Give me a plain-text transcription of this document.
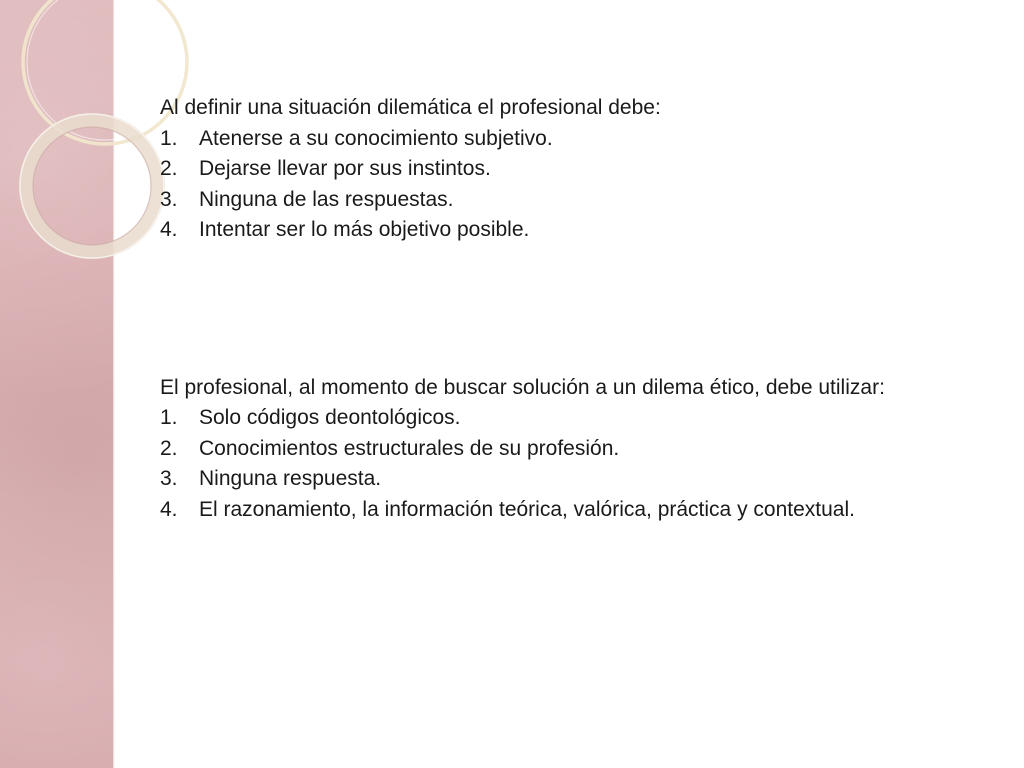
Al definir una situación dilemática el profesional debe:

1.	Atenerse a su conocimiento subjetivo.
2.	Dejarse llevar por sus instintos.
3.	Ninguna de las respuestas.
4.	Intentar ser lo más objetivo posible.

El profesional, al momento de buscar solución a un dilema ético, debe utilizar:

1.	Solo códigos deontológicos.
2.	Conocimientos estructurales de su profesión.
3.	Ninguna respuesta.
4.	El razonamiento, la información teórica, valórica, práctica y contextual.
